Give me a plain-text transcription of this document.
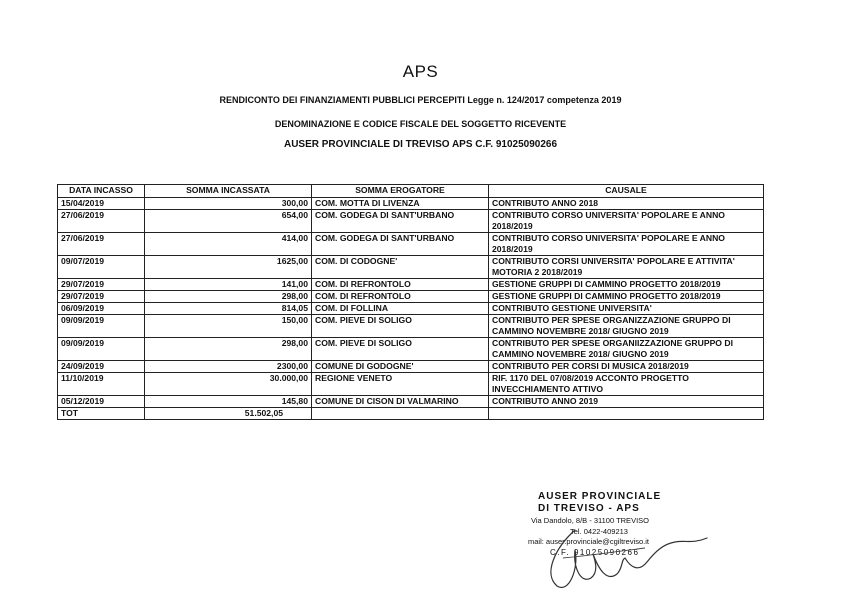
APS
RENDICONTO DEI FINANZIAMENTI PUBBLICI PERCEPITI Legge n. 124/2017 competenza 2019
DENOMINAZIONE E CODICE FISCALE DEL SOGGETTO RICEVENTE
AUSER PROVINCIALE DI TREVISO APS C.F. 91025090266
DATA INCASSO	SOMMA INCASSATA	SOMMA EROGATORE	CAUSALE
15/04/2019	300,00	COM. MOTTA DI LIVENZA	CONTRIBUTO ANNO 2018
27/06/2019	654,00	COM. GODEGA DI SANT'URBANO	CONTRIBUTO CORSO UNIVERSITA' POPOLARE E ANNO 2018/2019
27/06/2019	414,00	COM. GODEGA DI SANT'URBANO	CONTRIBUTO CORSO UNIVERSITA' POPOLARE E ANNO 2018/2019
09/07/2019	1625,00	COM. DI CODOGNE'	CONTRIBUTO CORSI UNIVERSITA' POPOLARE E ATTIVITA' MOTORIA 2 2018/2019
29/07/2019	141,00	COM. DI REFRONTOLO	GESTIONE GRUPPI DI CAMMINO PROGETTO 2018/2019
29/07/2019	298,00	COM. DI REFRONTOLO	GESTIONE GRUPPI DI CAMMINO PROGETTO 2018/2019
06/09/2019	814,05	COM. DI FOLLINA	CONTRIBUTO GESTIONE UNIVERSITA'
09/09/2019	150,00	COM. PIEVE DI SOLIGO	CONTRIBUTO PER SPESE ORGANIZZAZIONE GRUPPO DI CAMMINO NOVEMBRE 2018/ GIUGNO 2019
09/09/2019	298,00	COM. PIEVE DI SOLIGO	CONTRIBUTO PER SPESE ORGANIIZZAZIONE GRUPPO DI CAMMINO NOVEMBRE 2018/ GIUGNO 2019
24/09/2019	2300,00	COMUNE DI GODOGNE'	CONTRIBUTO PER CORSI DI MUSICA 2018/2019
11/10/2019	30.000,00	REGIONE VENETO	RIF. 1170 DEL 07/08/2019 ACCONTO PROGETTO INVECCHIAMENTO ATTIVO
05/12/2019	145,80	COMUNE DI CISON DI VALMARINO	CONTRIBUTO ANNO 2019
TOT	51.502,05		
AUSER PROVINCIALE
DI TREVISO - APS
Via Dandolo, 8/B - 31100 TREVISO
Tel. 0422-409213
mail: auser.provinciale@cgiltreviso.it
C.F. 91025090266
